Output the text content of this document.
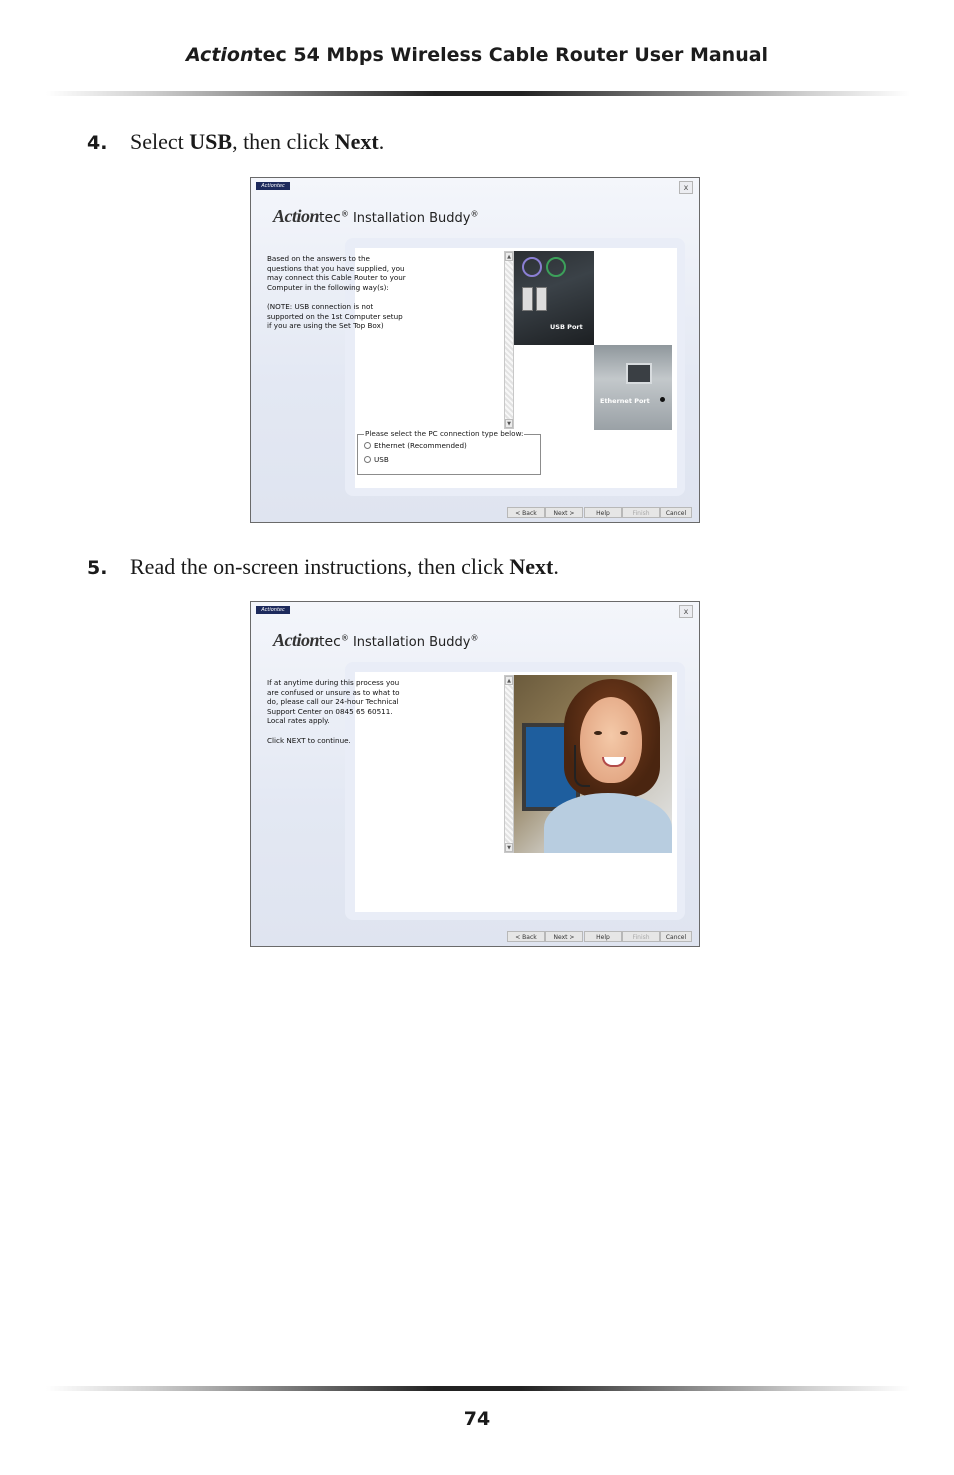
Actiontec 54 Mbps Wireless Cable Router User Manual
4. Select USB, then click Next.
Actiontec	x
Actiontec® Installation Buddy®
Based on the answers to the questions that you have supplied, you may connect this Cable Router to your Computer in the following way(s):

(NOTE: USB connection is not supported on the 1st Computer setup if you are using the Set Top Box)
▲
▼
USB Port
Ethernet Port
Please select the PC connection type below:
Ethernet (Recommended)
USB
< Back	Next >	Help	Finish	Cancel
5. Read the on-screen instructions, then click Next.
Actiontec	x
Actiontec® Installation Buddy®
If at anytime during this process you are confused or unsure as to what to do, please call our 24-hour Technical Support Center on 0845 65 60511. Local rates apply.

Click NEXT to continue.
▲
▼
< Back	Next >	Help	Finish	Cancel
74
